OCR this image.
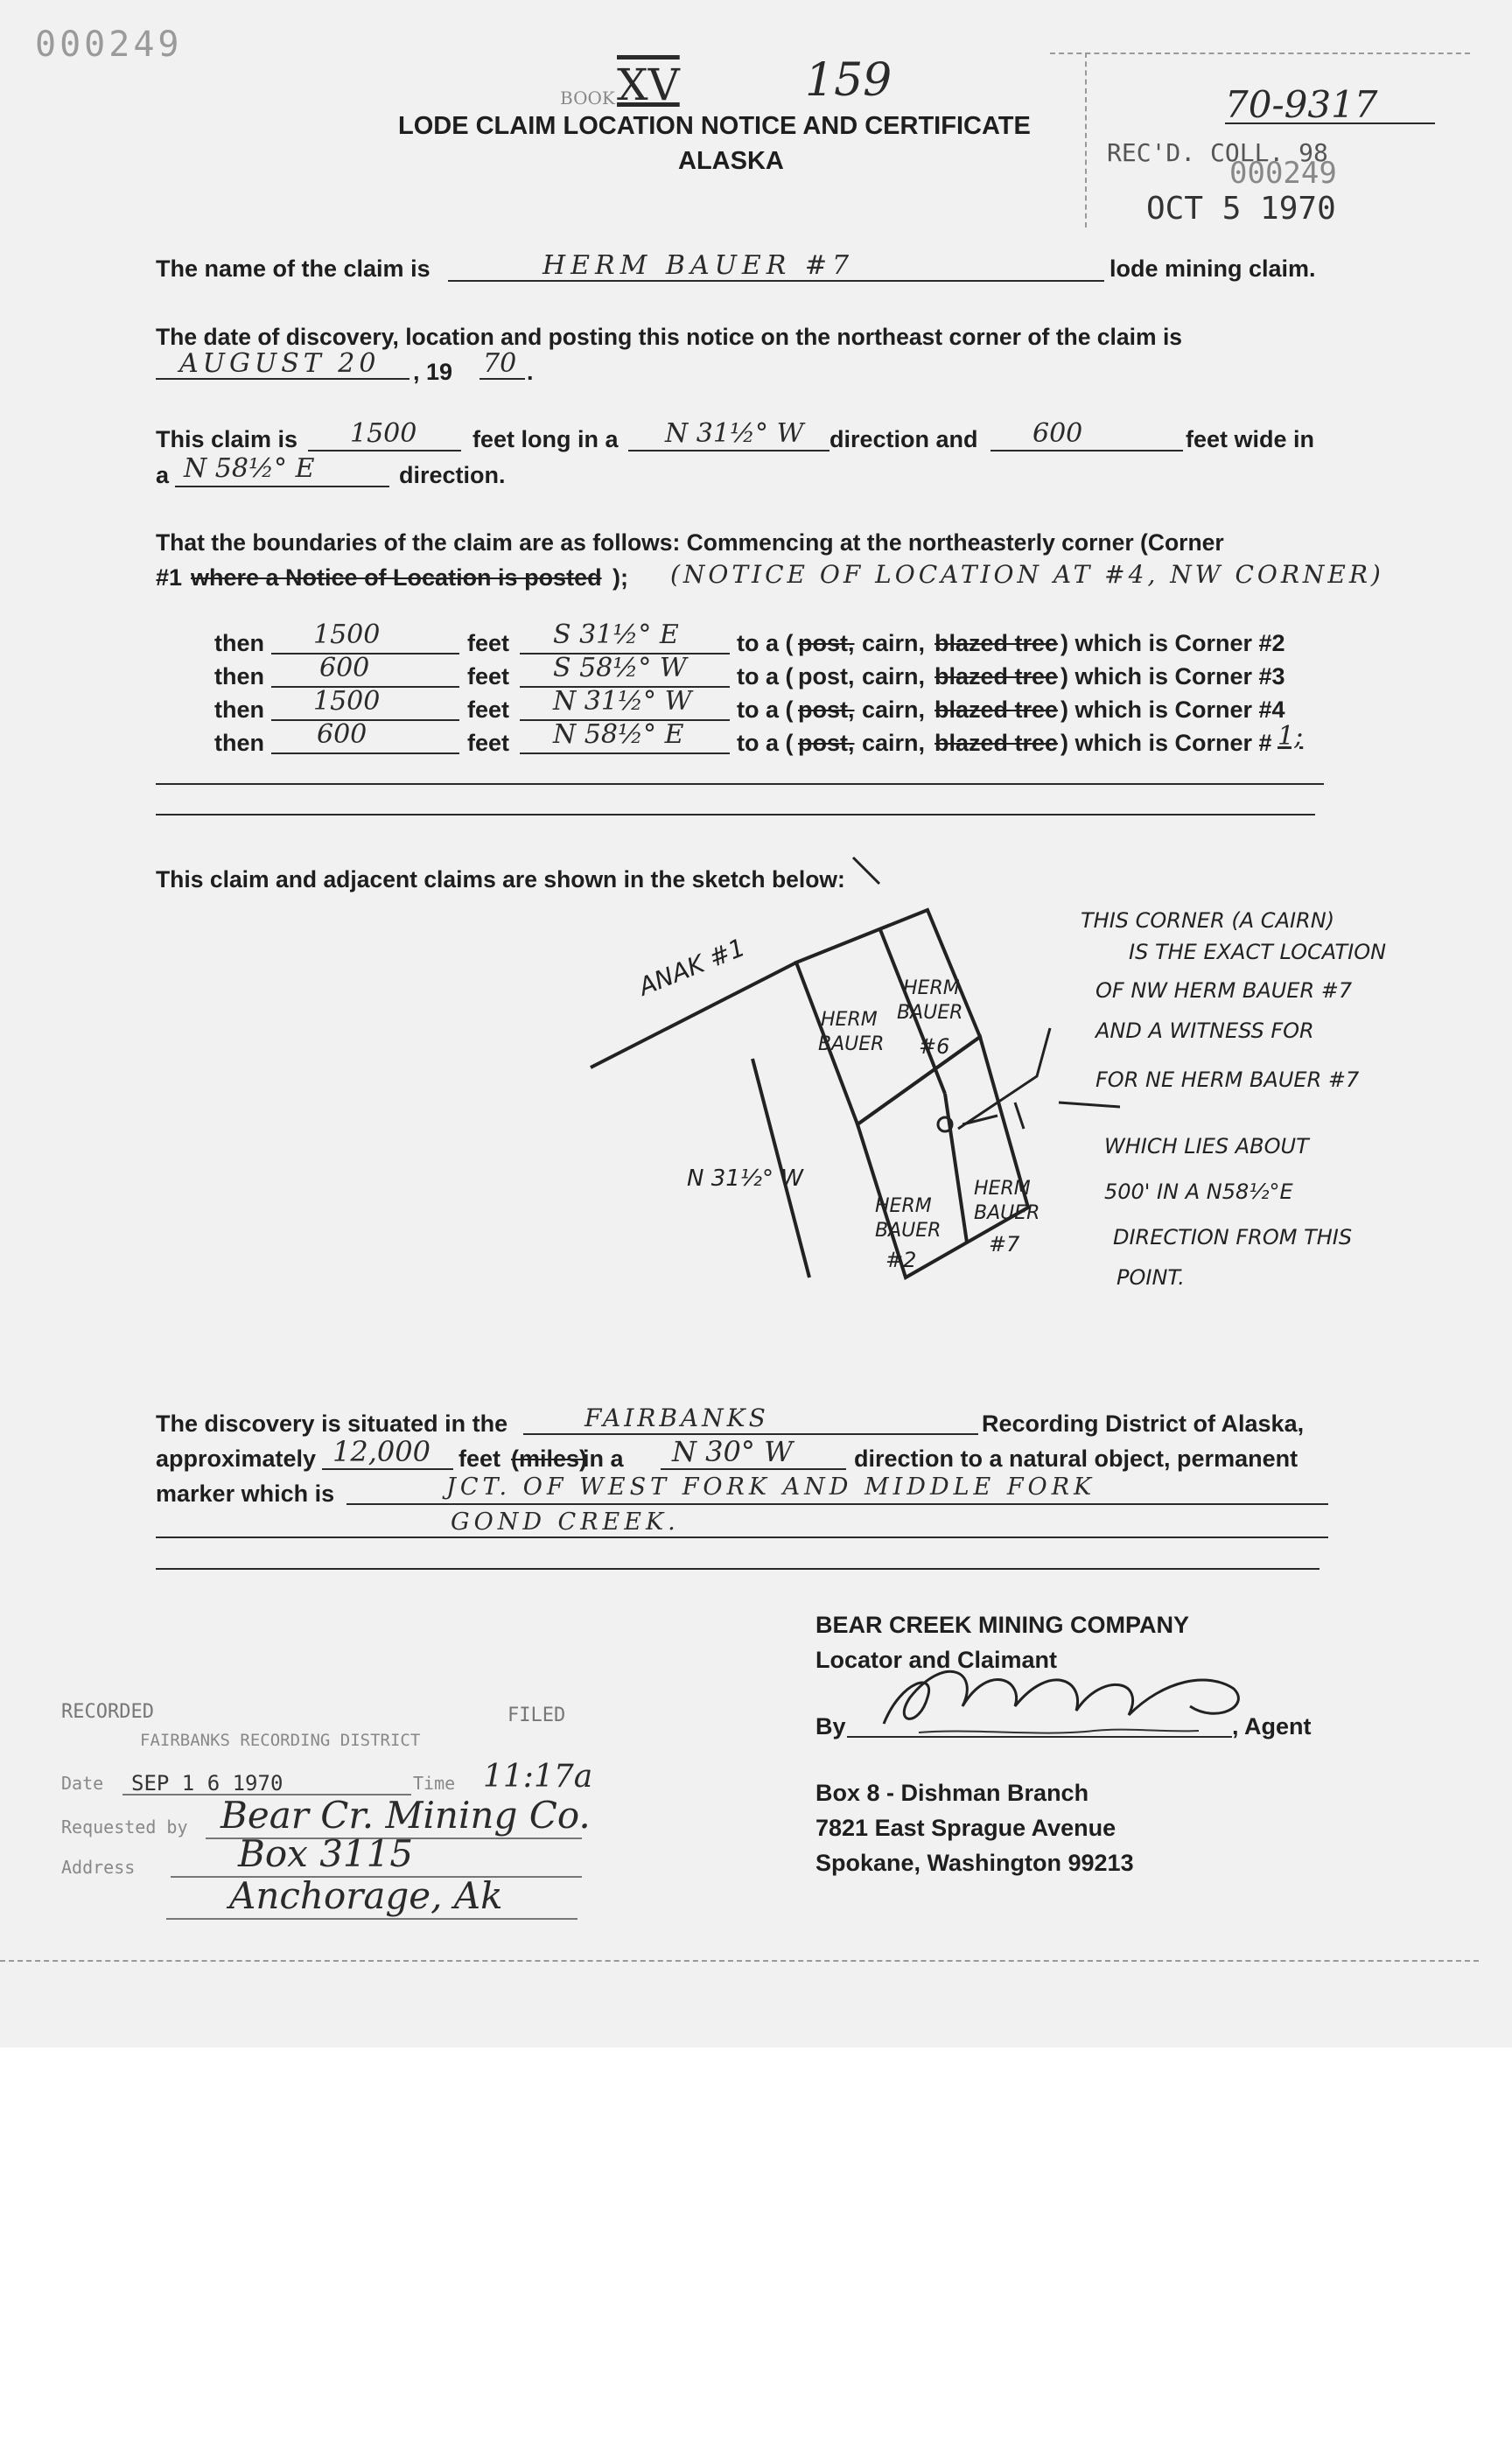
000249
BOOK XV	159	70-9317
LODE CLAIM LOCATION NOTICE AND CERTIFICATE
ALASKA	REC'D. COLL. 98
000249
OCT 5 1970
The name of the claim is	HERM BAUER #7	lode mining claim.
The date of discovery, location and posting this notice on the northeast corner of the claim is
AUGUST 20 , 19 70 .
This claim is 1500 feet long in a N 31½° W direction and 600	feet wide in
a N 58½° E	direction.
That the boundaries of the claim are as follows: Commencing at the northeasterly corner (Corner
#1 where a Notice of Location is posted ); (NOTICE OF LOCATION AT #4, NW CORNER)
then 1500	feet S 31½° E to a ( post, cairn, blazed tree ) which is Corner #2
then 600	feet S 58½° W to a ( post, cairn, blazed tree ) which is Corner #3
then 1500	feet N 31½° W to a ( post, cairn, blazed tree ) which is Corner #4
then 600	feet N 58½° E to a ( post, cairn, blazed tree ) which is Corner # 1;
This claim and adjacent claims are shown in the sketch below:
ANAK #1
HERM
BAUER
HERM
BAUER
#6
HERM
BAUER
#2
HERM
BAUER
#7
N 31½° W
THIS CORNER (A CAIRN)
IS THE EXACT LOCATION
OF NW HERM BAUER #7
AND A WITNESS FOR
FOR NE HERM BAUER #7
WHICH LIES ABOUT
500' IN A N58½°E
DIRECTION FROM THIS
POINT.
The discovery is situated in the	FAIRBANKS	Recording District of Alaska,
approximately 12,000 feet (miles)
in a N 30° W	direction to a natural object, permanent
marker which is	JCT. OF WEST FORK AND MIDDLE FORK
GOND CREEK.
BEAR CREEK MINING COMPANY
Locator and Claimant
By	, Agent
Box 8 - Dishman Branch
7821 East Sprague Avenue
Spokane, Washington 99213
RECORDED	FILED
FAIRBANKS RECORDING DISTRICT
Date SEP 1 6 1970	Time 11:17a
Requested by Bear Cr. Mining Co.
Address	Box 3115
Anchorage, Ak
